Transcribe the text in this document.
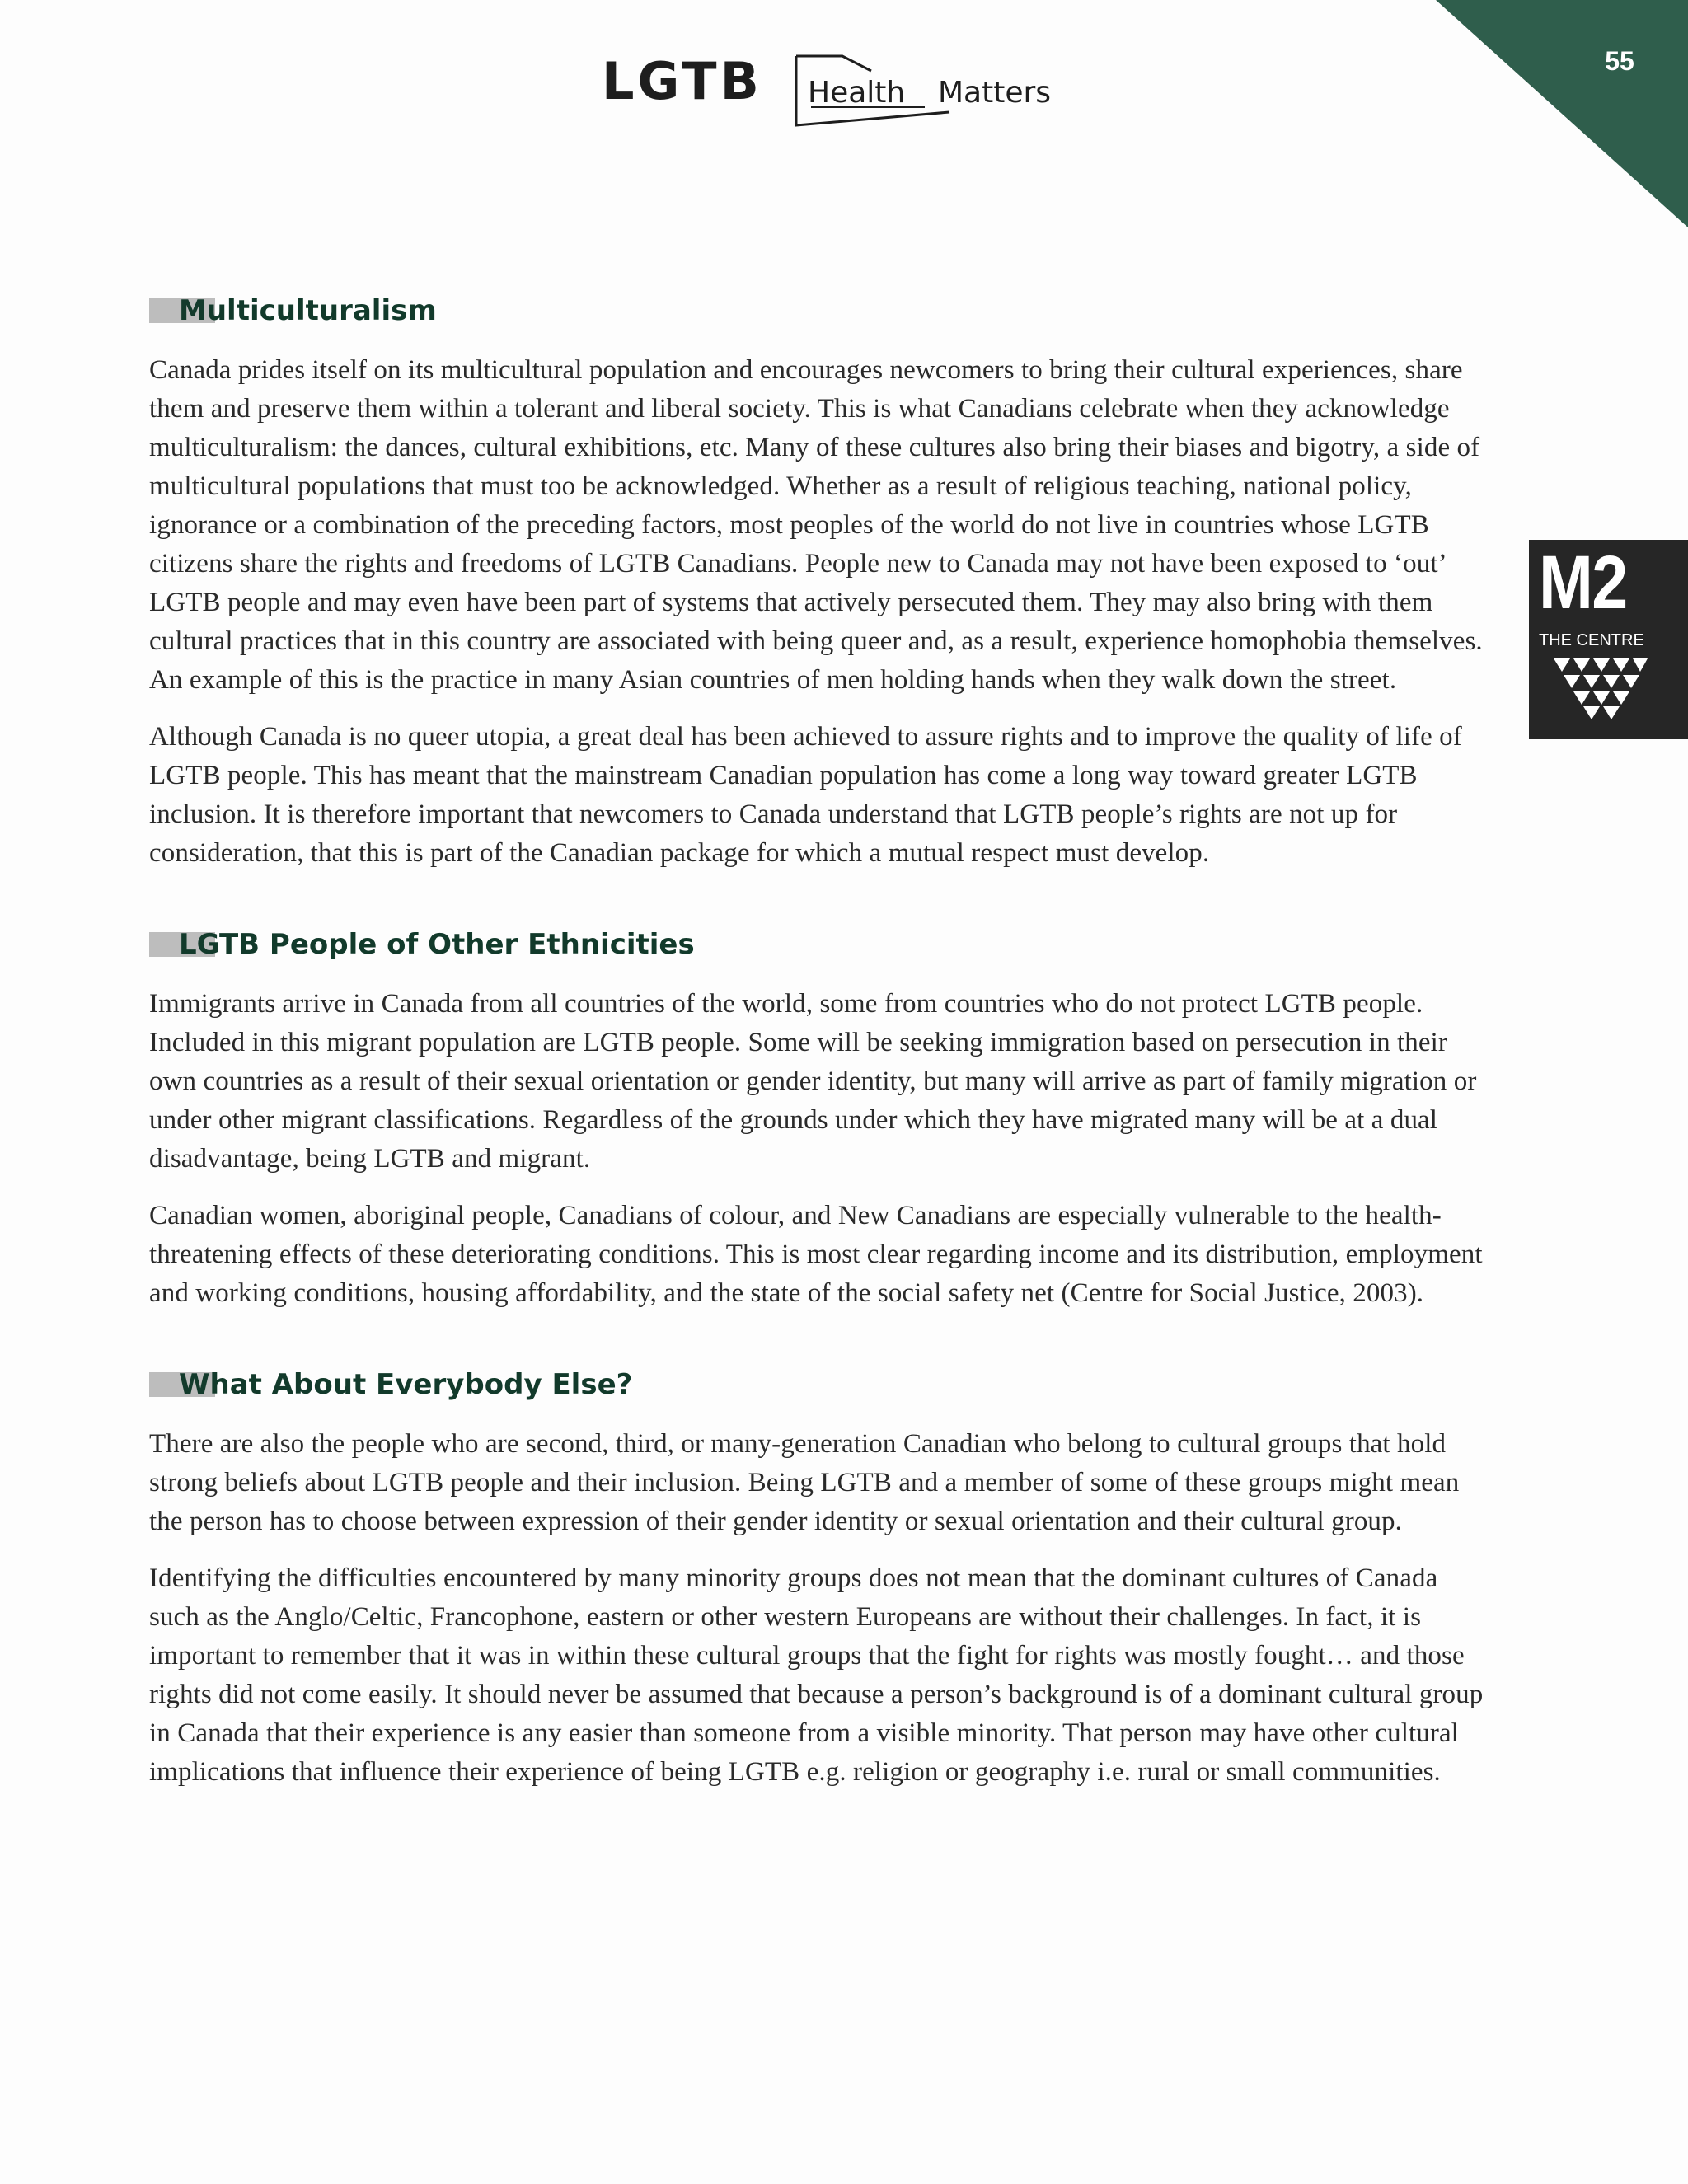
LGTB Health Matters
55
M2
THE CENTRE
Multiculturalism

Canada prides itself on its multicultural population and encourages newcomers to bring their cultural experiences, share them and preserve them within a tolerant and liberal society. This is what Canadians celebrate when they acknowledge multiculturalism: the dances, cultural exhibitions, etc. Many of these cultures also bring their biases and bigotry, a side of multicultural populations that must too be acknowledged. Whether as a result of religious teaching, national policy, ignorance or a combination of the preceding factors, most peoples of the world do not live in countries whose LGTB citizens share the rights and freedoms of LGTB Canadians. People new to Canada may not have been exposed to ‘out’ LGTB people and may even have been part of systems that actively persecuted them. They may also bring with them cultural practices that in this country are associated with being queer and, as a result, experience homophobia themselves. An example of this is the practice in many Asian countries of men holding hands when they walk down the street.

Although Canada is no queer utopia, a great deal has been achieved to assure rights and to improve the quality of life of LGTB people. This has meant that the mainstream Canadian population has come a long way toward greater LGTB inclusion. It is therefore important that newcomers to Canada understand that LGTB people’s rights are not up for consideration, that this is part of the Canadian package for which a mutual respect must develop.

LGTB People of Other Ethnicities

Immigrants arrive in Canada from all countries of the world, some from countries who do not protect LGTB people. Included in this migrant population are LGTB people. Some will be seeking immigration based on persecution in their own countries as a result of their sexual orientation or gender identity, but many will arrive as part of family migration or under other migrant classifications. Regardless of the grounds under which they have migrated many will be at a dual disadvantage, being LGTB and migrant.

Canadian women, aboriginal people, Canadians of colour, and New Canadians are especially vulnerable to the health-threatening effects of these deteriorating conditions. This is most clear regarding income and its distribution, employment and working conditions, housing affordability, and the state of the social safety net (Centre for Social Justice, 2003).

What About Everybody Else?

There are also the people who are second, third, or many-generation Canadian who belong to cultural groups that hold strong beliefs about LGTB people and their inclusion. Being LGTB and a member of some of these groups might mean the person has to choose between expression of their gender identity or sexual orientation and their cultural group.

Identifying the difficulties encountered by many minority groups does not mean that the dominant cultures of Canada such as the Anglo/Celtic, Francophone, eastern or other western Europeans are without their challenges. In fact, it is important to remember that it was in within these cultural groups that the fight for rights was mostly fought… and those rights did not come easily. It should never be assumed that because a person’s background is of a dominant cultural group in Canada that their experience is any easier than someone from a visible minority. That person may have other cultural implications that influence their experience of being LGTB e.g. religion or geography i.e. rural or small communities.
